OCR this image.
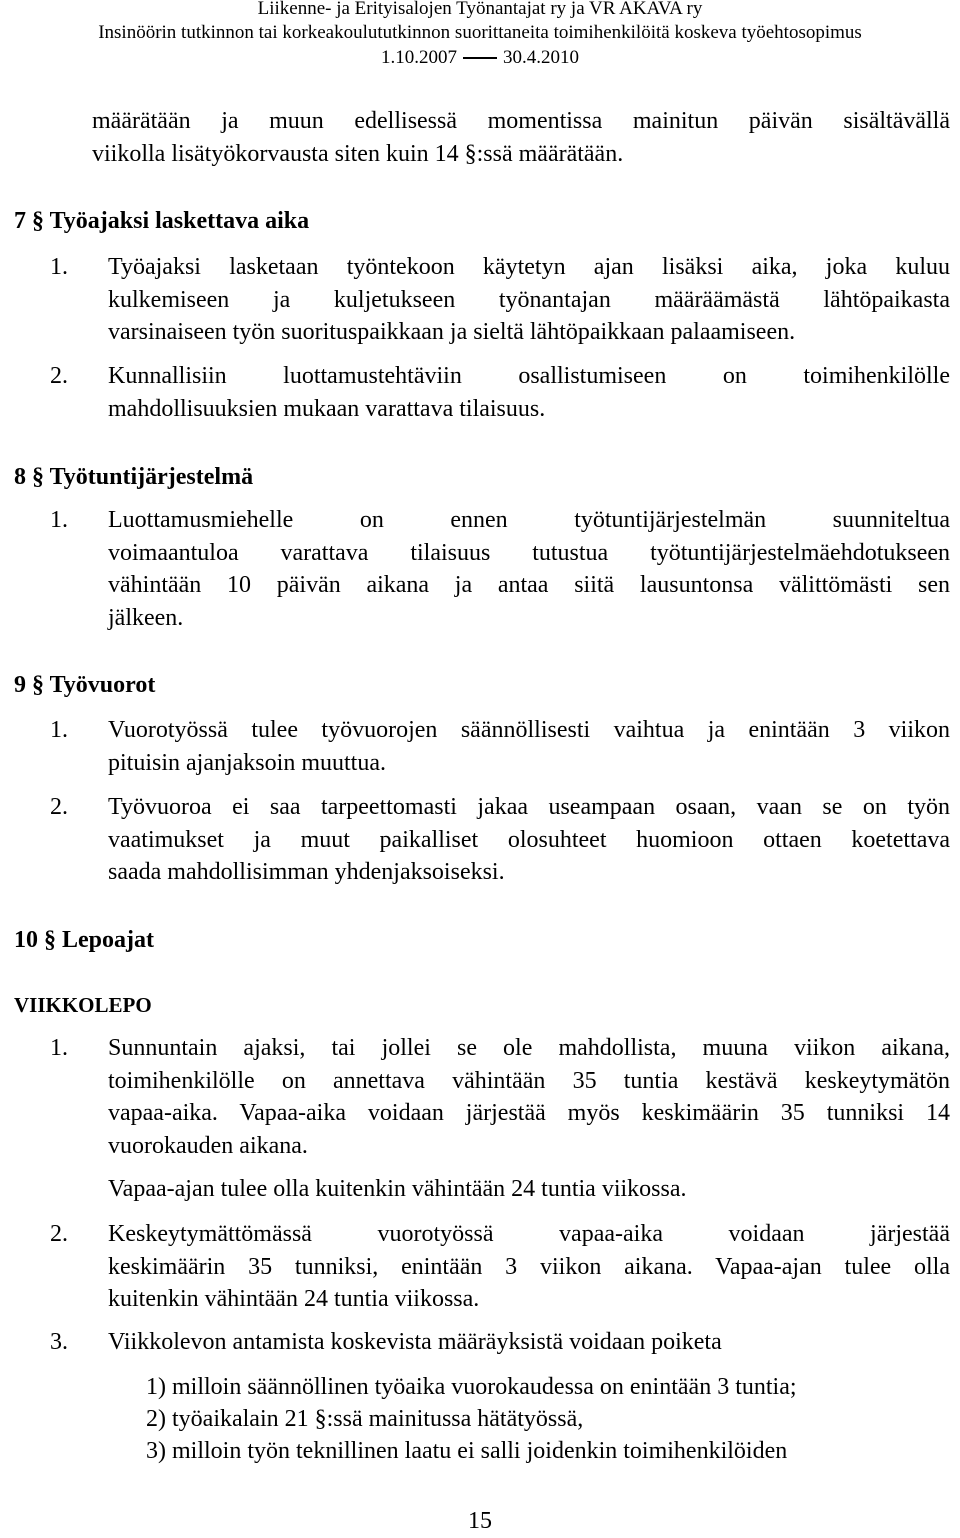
Liikenne- ja Erityisalojen Työnantajat ry ja VR AKAVA ry
Insinöörin tutkinnon tai korkeakoulututkinnon suorittaneita toimihenkilöitä koskeva työehtosopimus
1.10.2007 30.4.2010
määrätään ja muun edellisessä momentissa mainitun päivän sisältävällä
viikolla lisätyökorvausta siten kuin 14 §:ssä määrätään.
7 § Työajaksi laskettava aika
1. Työajaksi lasketaan työntekoon käytetyn ajan lisäksi aika, joka kuluu
kulkemiseen ja kuljetukseen työnantajan määräämästä lähtöpaikasta
varsinaiseen työn suorituspaikkaan ja sieltä lähtöpaikkaan palaamiseen.
2. Kunnallisiin luottamustehtäviin osallistumiseen on toimihenkilölle
mahdollisuuksien mukaan varattava tilaisuus.
8 § Työtuntijärjestelmä
1. Luottamusmiehelle on ennen työtuntijärjestelmän suunniteltua
voimaantuloa varattava tilaisuus tutustua työtuntijärjestelmäehdotukseen
vähintään 10 päivän aikana ja antaa siitä lausuntonsa välittömästi sen
jälkeen.
9 § Työvuorot
1. Vuorotyössä tulee työvuorojen säännöllisesti vaihtua ja enintään 3 viikon
pituisin ajanjaksoin muuttua.
2. Työvuoroa ei saa tarpeettomasti jakaa useampaan osaan, vaan se on työn
vaatimukset ja muut paikalliset olosuhteet huomioon ottaen koetettava
saada mahdollisimman yhdenjaksoiseksi.
10 § Lepoajat
VIIKKOLEPO
1. Sunnuntain ajaksi, tai jollei se ole mahdollista, muuna viikon aikana,
toimihenkilölle on annettava vähintään 35 tuntia kestävä keskeytymätön
vapaa-aika. Vapaa-aika voidaan järjestää myös keskimäärin 35 tunniksi 14
vuorokauden aikana.
Vapaa-ajan tulee olla kuitenkin vähintään 24 tuntia viikossa.
2. Keskeytymättömässä vuorotyössä vapaa-aika voidaan järjestää
keskimäärin 35 tunniksi, enintään 3 viikon aikana. Vapaa-ajan tulee olla
kuitenkin vähintään 24 tuntia viikossa.
3. Viikkolevon antamista koskevista määräyksistä voidaan poiketa
1) milloin säännöllinen työaika vuorokaudessa on enintään 3 tuntia;
2) työaikalain 21 §:ssä mainitussa hätätyössä,
3) milloin työn teknillinen laatu ei salli joidenkin toimihenkilöiden
15
